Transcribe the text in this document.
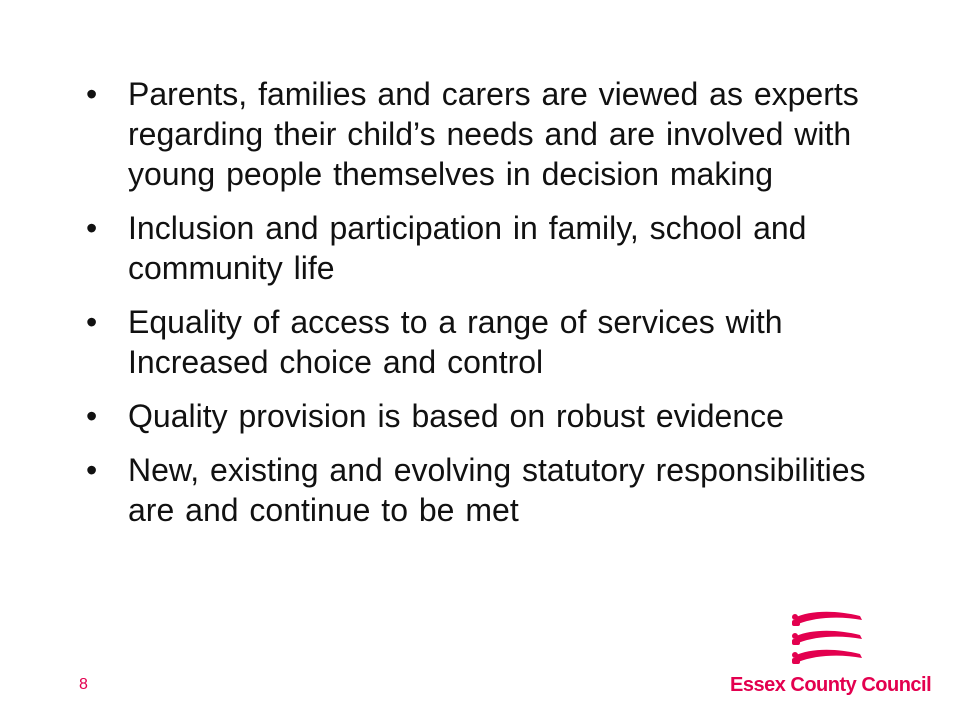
• Parents, families and carers are viewed as experts regarding their child’s needs and are involved with young people themselves in decision making
• Inclusion and participation in family, school and community life
• Equality of access to a range of services with Increased choice and control
• Quality provision is based on robust evidence
• New, existing and evolving statutory responsibilities are and continue to be met
8	Essex County Council
